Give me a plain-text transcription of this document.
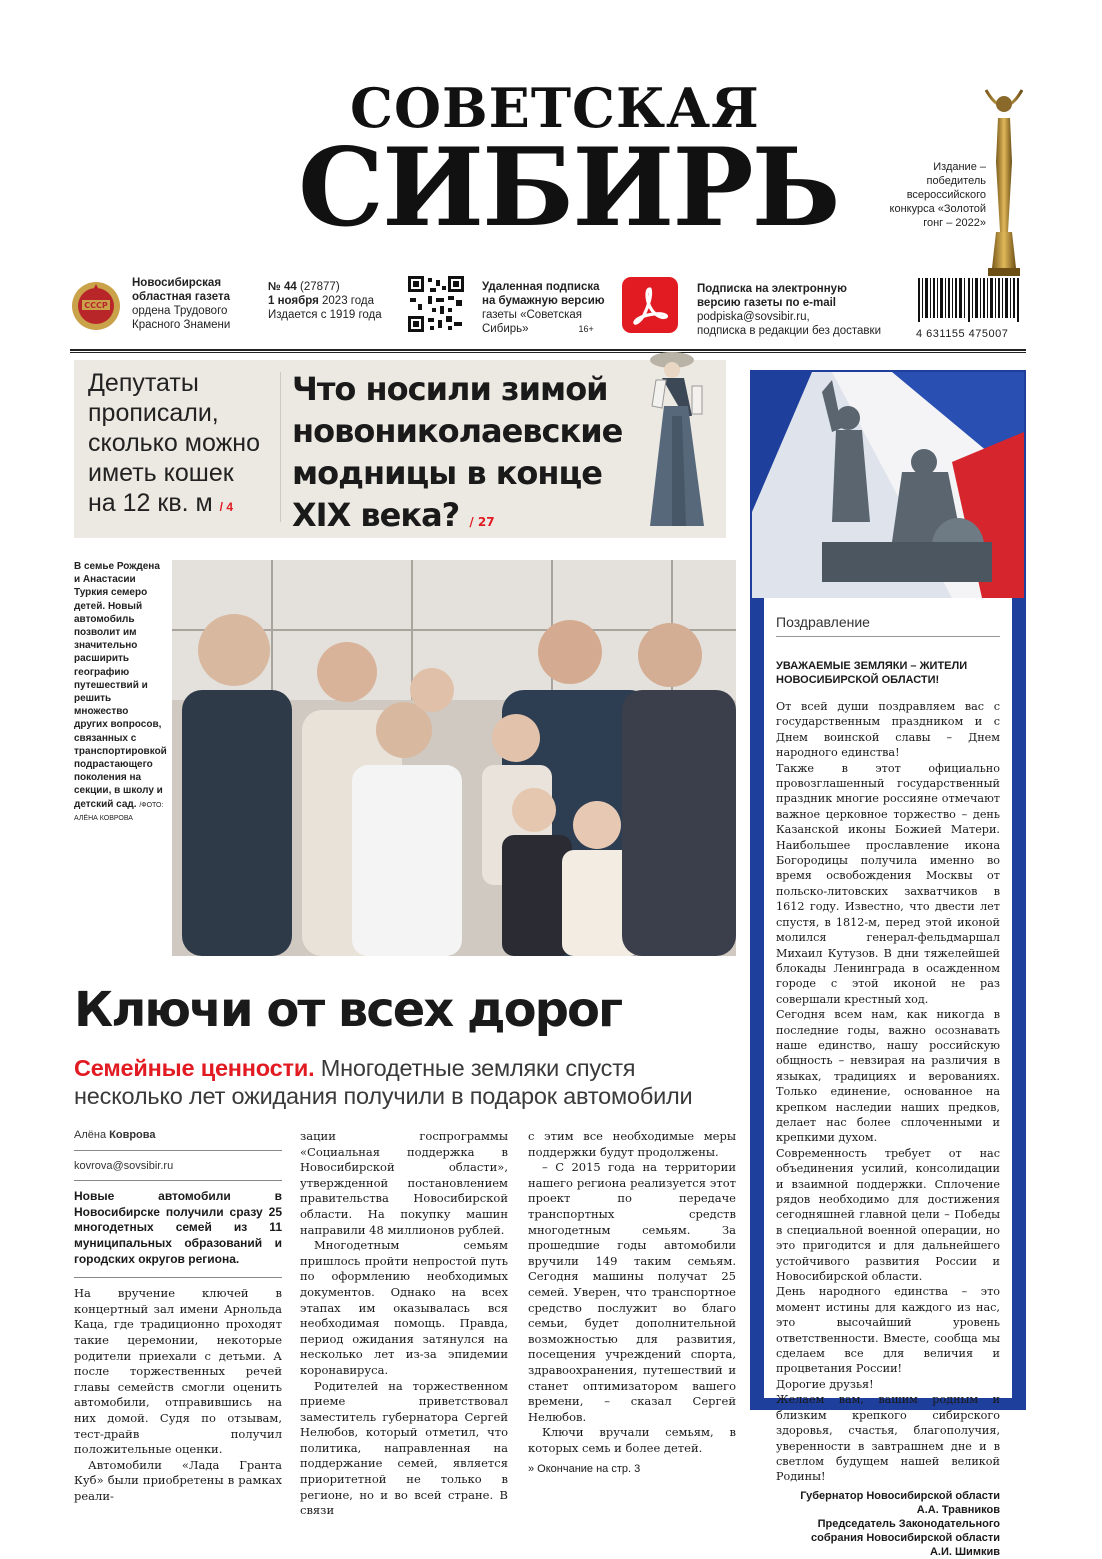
СОВЕТСКАЯ
СИБИРЬ	Издание – победитель всероссийского конкурса «Золотой гонг – 2022»
4 631155 475007
СССР
Новосибирская
областная газета
ордена Трудового
Красного Знамени
№ 44 (27877)
1 ноября 2023 года
Издается с 1919 года
Удаленная подписка
на бумажную версию
газеты «Советская
Сибирь»	16+
Подписка на электронную
версию газеты по e-mail
podpiska@sovsibir.ru,
подписка в редакции без доставки
Депутаты прописали, сколько можно иметь кошек на 12 кв. м / 4
Что носили зимой новониколаевские модницы в конце XIX века? / 27
В семье Рождена и Анастасии Туркия семеро детей. Новый автомобиль позволит им значительно расширить географию путешествий и решить множество других вопросов, связанных с транспортировкой подрастающего поколения на секции, в школу и детский сад. /ФОТО:
АЛЁНА КОВРОВА
Ключи от всех дорог
Семейные ценности. Многодетные земляки спустя несколько лет ожидания получили в подарок автомобили
Алёна Коврова
kovrova@sovsibir.ru

Новые автомобили в Новосибирске получили сразу 25 многодетных семей из 11 муниципальных образований и городских округов региона.

На вручение ключей в концертный зал имени Арнольда Каца, где традиционно проходят такие церемонии, некоторые родители приехали с детьми. А после торжественных речей главы семейств смогли оценить автомобили, отправившись на них домой. Судя по отзывам, тест-драйв получил положительные оценки.

Автомобили «Лада Гранта Куб» были приобретены в рамках реали-

зации госпрограммы «Социальная поддержка в Новосибирской области», утвержденной постановлением правительства Новосибирской области. На покупку машин направили 48 миллионов рублей.

Многодетным семьям пришлось пройти непростой путь по оформлению необходимых документов. Однако на всех этапах им оказывалась вся необходимая помощь. Правда, период ожидания затянулся на несколько лет из-за эпидемии коронавируса.

Родителей на торжественном приеме приветствовал заместитель губернатора Сергей Нелюбов, который отметил, что политика, направленная на поддержание семей, является приоритетной не только в регионе, но и во всей стране. В связи

с этим все необходимые меры поддержки будут продолжены.

– С 2015 года на территории нашего региона реализуется этот проект по передаче транспортных средств многодетным семьям. За прошедшие годы автомобили вручили 149 таким семьям. Сегодня машины получат 25 семей. Уверен, что транспортное средство послужит во благо семьи, будет дополнительной возможностью для развития, посещения учреждений спорта, здравоохранения, путешествий и станет оптимизатором вашего времени, – сказал Сергей Нелюбов.

Ключи вручали семьям, в которых семь и более детей.

» Окончание на стр. 3
Поздравление
УВАЖАЕМЫЕ ЗЕМЛЯКИ – ЖИТЕЛИ НОВОСИБИРСКОЙ ОБЛАСТИ!

От всей души поздравляем вас с государственным праздником и с Днем воинской славы – Днем народного единства!

Также в этот официально провозглашенный государственный праздник многие россияне отмечают важное церковное торжество – день Казанской иконы Божией Матери. Наибольшее прославление икона Богородицы получила именно во время освобождения Москвы от польско-литовских захватчиков в 1612 году. Известно, что двести лет спустя, в 1812-м, перед этой иконой молился генерал-фельдмаршал Михаил Кутузов. В дни тяжелейшей блокады Ленинграда в осажденном городе с этой иконой не раз совершали крестный ход.

Сегодня всем нам, как никогда в последние годы, важно осознавать наше единство, нашу российскую общность – невзирая на различия в языках, традициях и верованиях. Только единение, основанное на крепком наследии наших предков, делает нас более сплоченными и крепкими духом.

Современность требует от нас объединения усилий, консолидации и взаимной поддержки. Сплочение рядов необходимо для достижения сегодняшней главной цели – Победы в специальной военной операции, но это пригодится и для дальнейшего устойчивого развития России и Новосибирской области.

День народного единства – это момент истины для каждого из нас, это высочайший уровень ответственности. Вместе, сообща мы сделаем все для величия и процветания России!

Дорогие друзья!

Желаем вам, вашим родным и близким крепкого сибирского здоровья, счастья, благополучия, уверенности в завтрашнем дне и в светлом будущем нашей великой Родины!

Губернатор Новосибирской области
А.А. Травников
Председатель Законодательного
собрания Новосибирской области
А.И. Шимкив
